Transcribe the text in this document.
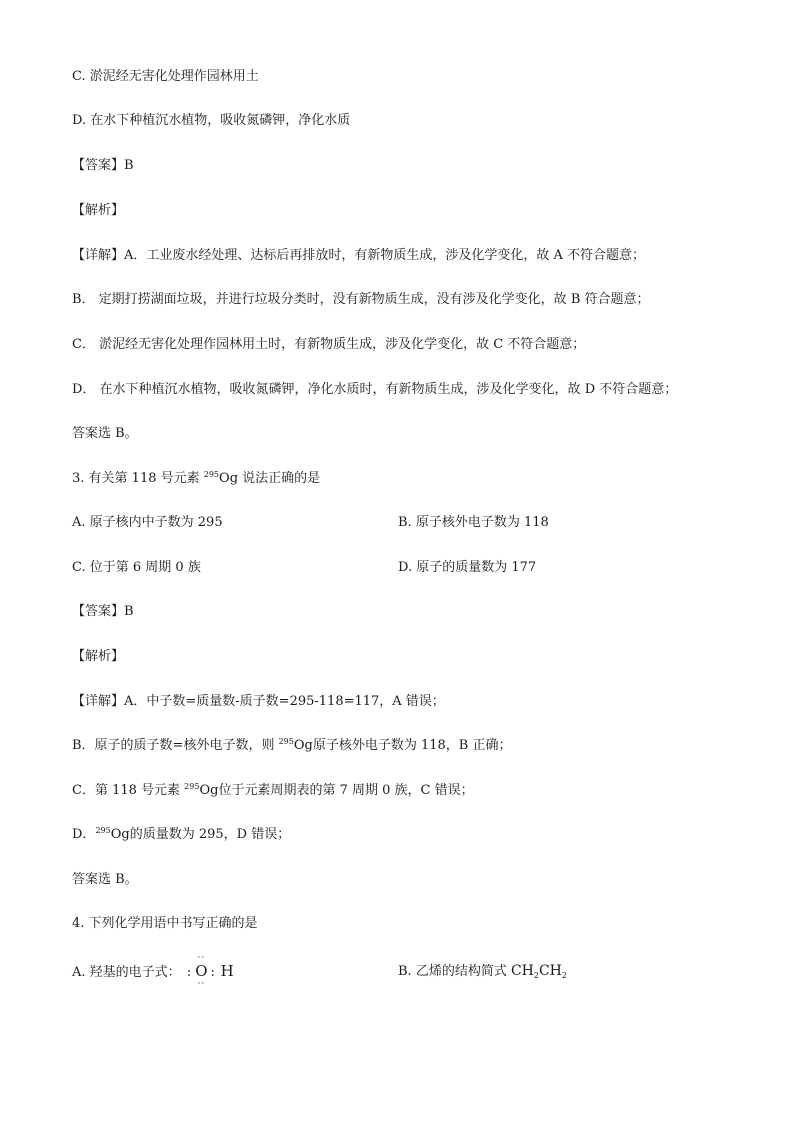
C. 淤泥经无害化处理作园林用土
D. 在水下种植沉水植物，吸收氮磷钾，净化水质
【答案】B
【解析】
【详解】A．工业废水经处理、达标后再排放时，有新物质生成，涉及化学变化，故 A 不符合题意；
B． 定期打捞湖面垃圾，并进行垃圾分类时，没有新物质生成，没有涉及化学变化，故 B 符合题意；
C． 淤泥经无害化处理作园林用土时，有新物质生成，涉及化学变化，故 C 不符合题意；
D． 在水下种植沉水植物，吸收氮磷钾，净化水质时，有新物质生成，涉及化学变化，故 D 不符合题意；
答案选 B。
3. 有关第 118 号元素 $^{295}$Og 说法正确的是
A. 原子核内中子数为 295	B. 原子核外电子数为 118
C. 位于第 6 周期 0 族	D. 原子的质量数为 177
【答案】B
【解析】
【详解】A．中子数=质量数-质子数=295-118=117，A 错误；
B．原子的质子数=核外电子数，则 $^{295}$Og原子核外电子数为 118，B 正确；
C．第 118 号元素 $^{295}$Og位于元素周期表的第 7 周期 0 族，C 错误；
D．$^{295}$Og的质量数为 295，D 错误；
答案选 B。
4. 下列化学用语中书写正确的是
A. 羟基的电子式： :
··
O
··
: H	B. 乙烯的结构简式 $CH_2CH_2$
